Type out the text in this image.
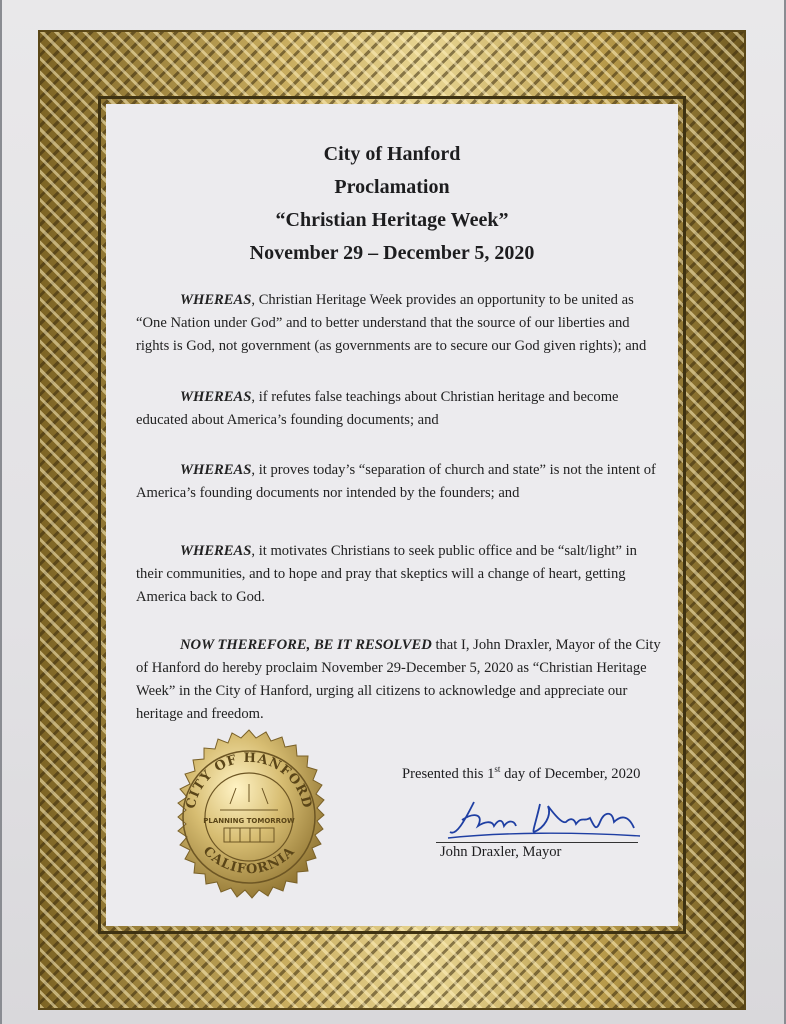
City of Hanford
Proclamation
“Christian Heritage Week”
November 29 – December 5, 2020
WHEREAS, Christian Heritage Week provides an opportunity to be united as “One Nation under God” and to better understand that the source of our liberties and rights is God, not government (as governments are to secure our God given rights); and
WHEREAS, if refutes false teachings about Christian heritage and become educated about America’s founding documents; and
WHEREAS, it proves today’s “separation of church and state” is not the intent of America’s founding documents nor intended by the founders; and
WHEREAS, it motivates Christians to seek public office and be “salt/light” in their communities, and to hope and pray that skeptics will a change of heart, getting America back to God.
NOW THEREFORE, BE IT RESOLVED that I, John Draxler, Mayor of the City of Hanford do hereby proclaim November 29-December 5, 2020 as “Christian Heritage Week” in the City of Hanford, urging all citizens to acknowledge and appreciate our heritage and freedom.
Presented this 1st day of December, 2020
John Draxler, Mayor
CITY OF HANFORD
CALIFORNIA
PLANNING TOMORROW
